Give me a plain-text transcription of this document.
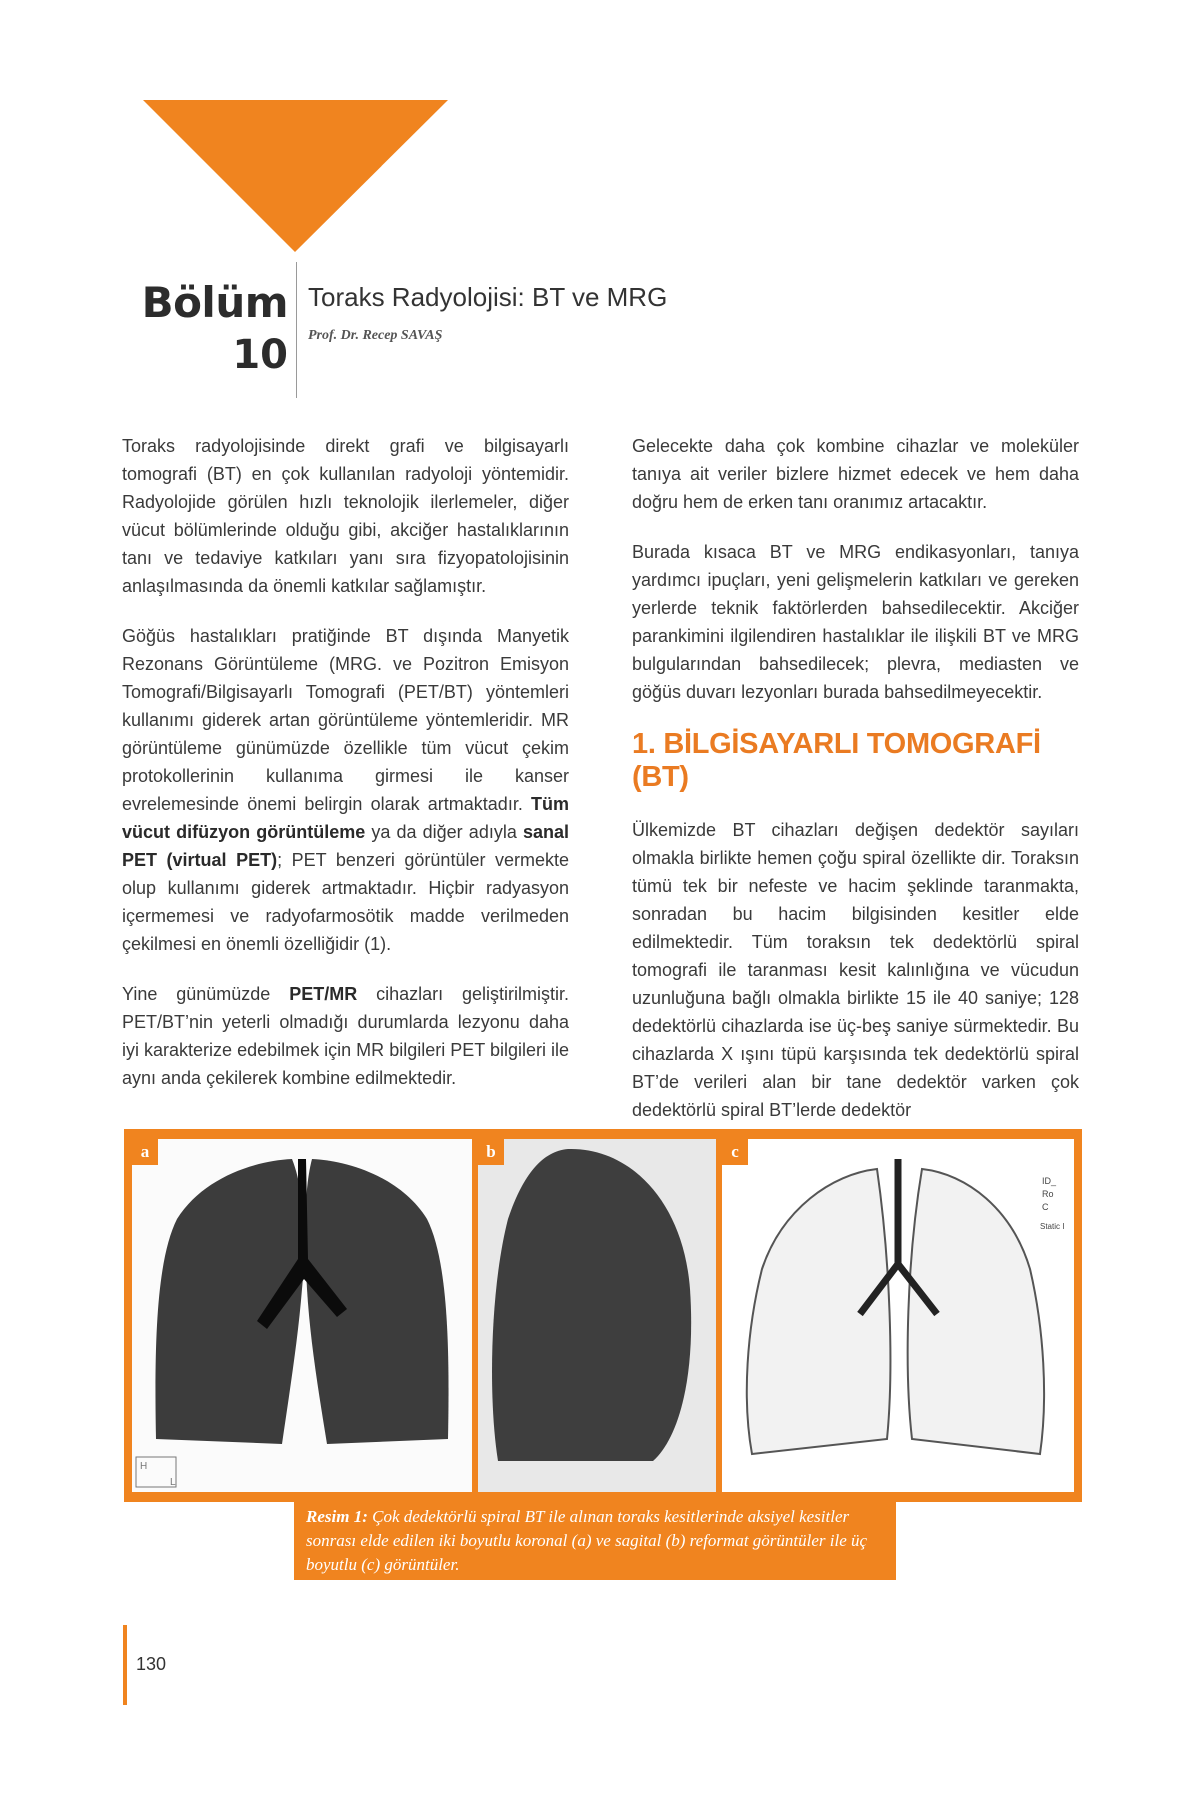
Bölüm
10
Toraks Radyolojisi: BT ve MRG
Prof. Dr. Recep SAVAŞ

Toraks radyolojisinde direkt grafi ve bilgisayarlı tomografi (BT) en çok kullanılan radyoloji yöntemidir. Radyolojide görülen hızlı teknolojik ilerlemeler, diğer vücut bölümlerinde olduğu gibi, akciğer hastalıklarının tanı ve tedaviye katkıları yanı sıra fizyopatolojisinin anlaşılmasında da önemli katkılar sağlamıştır.

Göğüs hastalıkları pratiğinde BT dışında Manyetik Rezonans Görüntüleme (MRG. ve Pozitron Emisyon Tomografi/Bilgisayarlı Tomografi (PET/BT) yöntemleri kullanımı giderek artan görüntüleme yöntemleridir. MR görüntüleme günümüzde özellikle tüm vücut çekim protokollerinin kullanıma girmesi ile kanser evrelemesinde önemi belirgin olarak artmaktadır. Tüm vücut difüzyon görüntüleme ya da diğer adıyla sanal PET (virtual PET); PET benzeri görüntüler vermekte olup kullanımı giderek artmaktadır. Hiçbir radyasyon içermemesi ve radyofarmosötik madde verilmeden çekilmesi en önemli özelliğidir (1).

Yine günümüzde PET/MR cihazları geliştirilmiştir. PET/BT’nin yeterli olmadığı durumlarda lezyonu daha iyi karakterize edebilmek için MR bilgileri PET bilgileri ile aynı anda çekilerek kombine edilmektedir.

Gelecekte daha çok kombine cihazlar ve moleküler tanıya ait veriler bizlere hizmet edecek ve hem daha doğru hem de erken tanı oranımız artacaktır.

Burada kısaca BT ve MRG endikasyonları, tanıya yardımcı ipuçları, yeni gelişmelerin katkıları ve gereken yerlerde teknik faktörlerden bahsedilecektir. Akciğer parankimini ilgilendiren hastalıklar ile ilişkili BT ve MRG bulgularından bahsedilecek; plevra, mediasten ve göğüs duvarı lezyonları burada bahsedilmeyecektir.

1. BİLGİSAYARLI TOMOGRAFİ (BT)

Ülkemizde BT cihazları değişen dedektör sayıları olmakla birlikte hemen çoğu spiral özellikte dir. Toraksın tümü tek bir nefeste ve hacim şeklinde taranmakta, sonradan bu hacim bilgisinden kesitler elde edilmektedir. Tüm toraksın tek dedektörlü spiral tomografi ile taranması kesit kalınlığına ve vücudun uzunluğuna bağlı olmakla birlikte 15 ile 40 saniye; 128 dedektörlü cihazlarda ise üç-beş saniye sürmektedir. Bu cihazlarda X ışını tüpü karşısında tek dedektörlü spiral BT’de verileri alan bir tane dedektör varken çok dedektörlü spiral BT’lerde dedektör

H
L
a	b
ID_
Ro
C
Static I
c
Resim 1: Çok dedektörlü spiral BT ile alınan toraks kesitlerinde aksiyel kesitler sonrası elde edilen iki boyutlu koronal (a) ve sagital (b) reformat görüntüler ile üç boyutlu (c) görüntüler.
130
